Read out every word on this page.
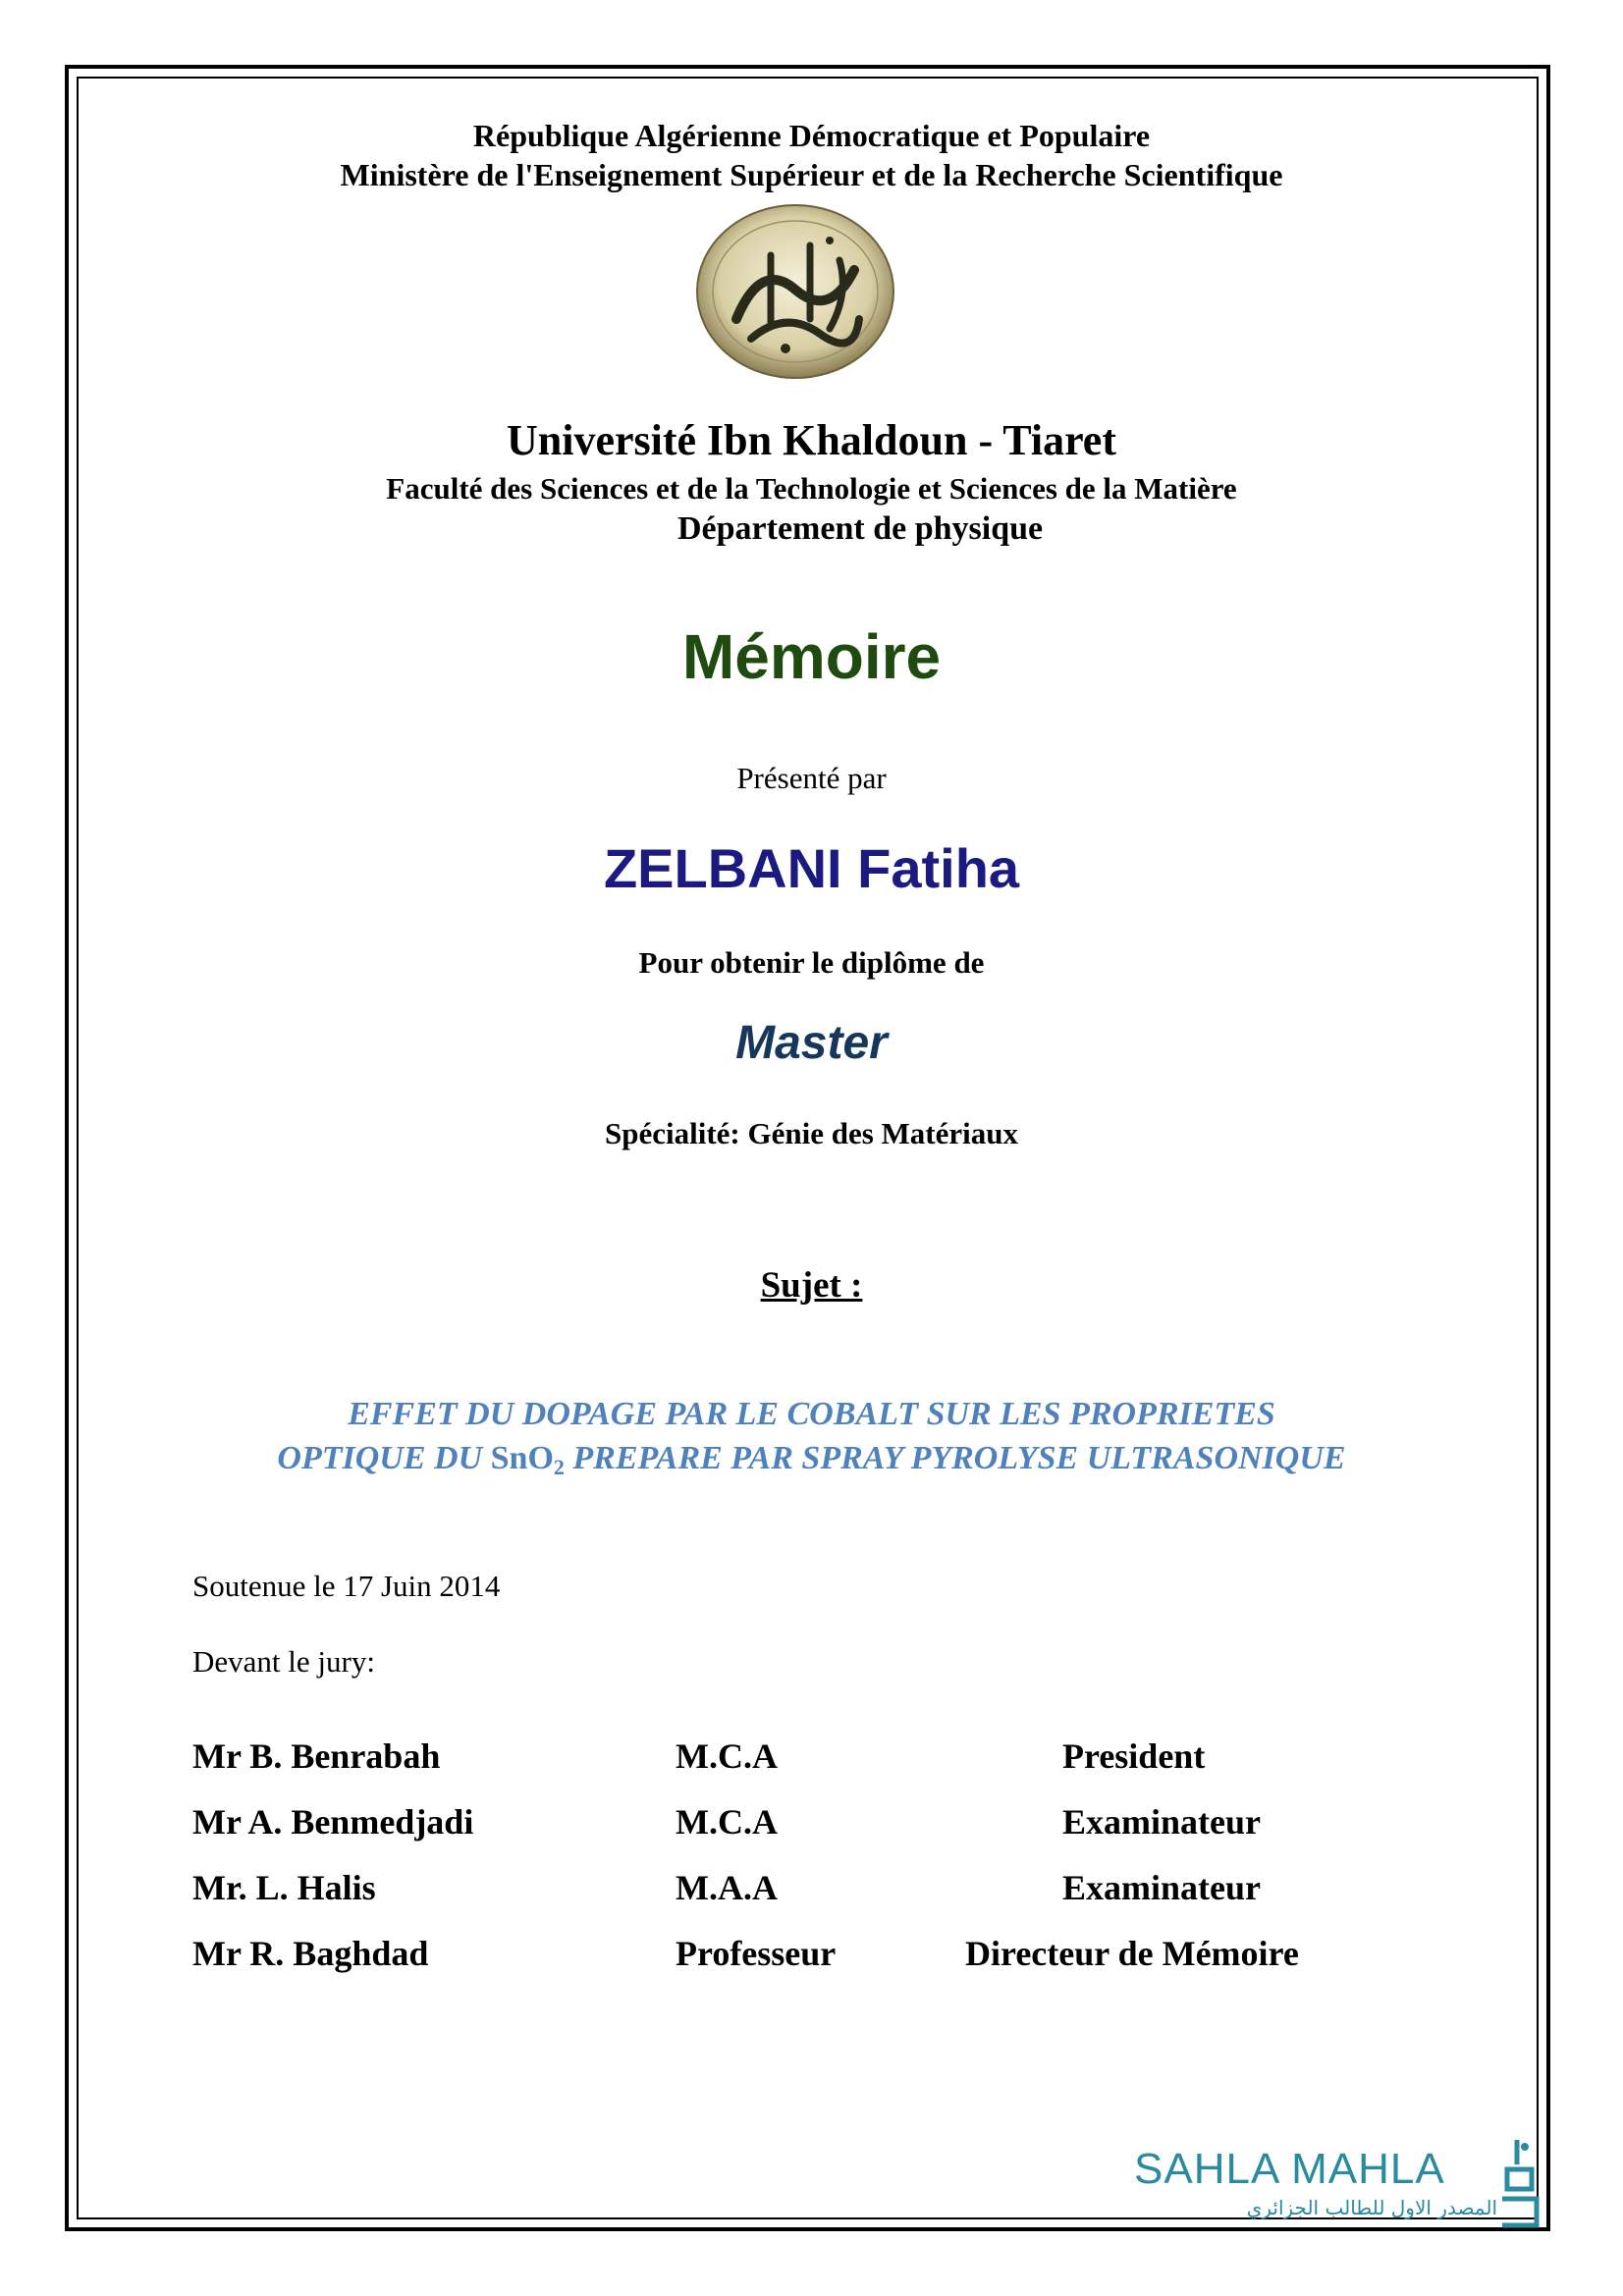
République Algérienne Démocratique et Populaire
Ministère de l'Enseignement Supérieur et de la Recherche Scientifique
Université Ibn Khaldoun - Tiaret
Faculté des Sciences et de la Technologie et Sciences de la Matière
Département de physique
Mémoire
Présenté par
ZELBANI Fatiha
Pour obtenir le diplôme de
Master
Spécialité: Génie des Matériaux
Sujet :
EFFET DU DOPAGE PAR LE COBALT SUR LES PROPRIETES
OPTIQUE DU SnO$_2$ PREPARE PAR SPRAY PYROLYSE ULTRASONIQUE
Soutenue le 17 Juin 2014
Devant le jury:
Mr B. Benrabah	M.C.A	President
Mr A. Benmedjadi	M.C.A	Examinateur
Mr. L. Halis	M.A.A	Examinateur
Mr R. Baghdad	Professeur	Directeur de Mémoire
SAHLA MAHLA
المصدر الاول للطالب الجزائري
